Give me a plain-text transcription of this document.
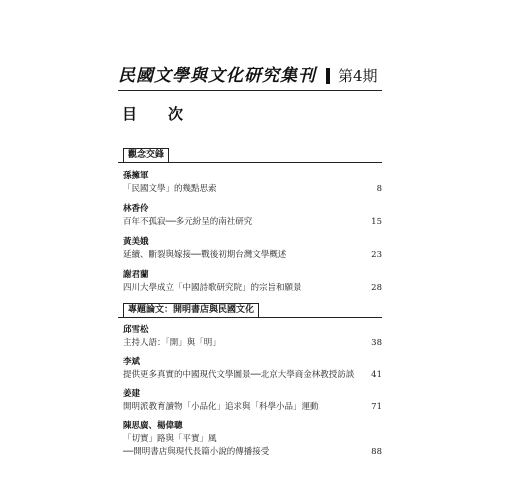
民國文學與文化研究集刊 第4期
目　次
觀念交鋒
孫擁軍
「民國文學」的幾點思索	8
林香伶
百年不孤寂──多元紛呈的南社研究	15
黃美娥
延續、斷裂與嫁接──戰後初期台灣文學概述	23
謝君蘭
四川大學成立「中國詩歌研究院」的宗旨和願景	28
專題論文：開明書店與民國文化
邱雪松
主持人語：「開」與「明」	38
李斌
提供更多真實的中國現代文學圖景──北京大學商金林教授訪談 41
姜建
開明派教育讀物「小品化」追求與「科學小品」運動	71
陳思廣、楊偉聰
「切實」路與「平實」風
──開明書店與現代長篇小說的傳播接受	88
